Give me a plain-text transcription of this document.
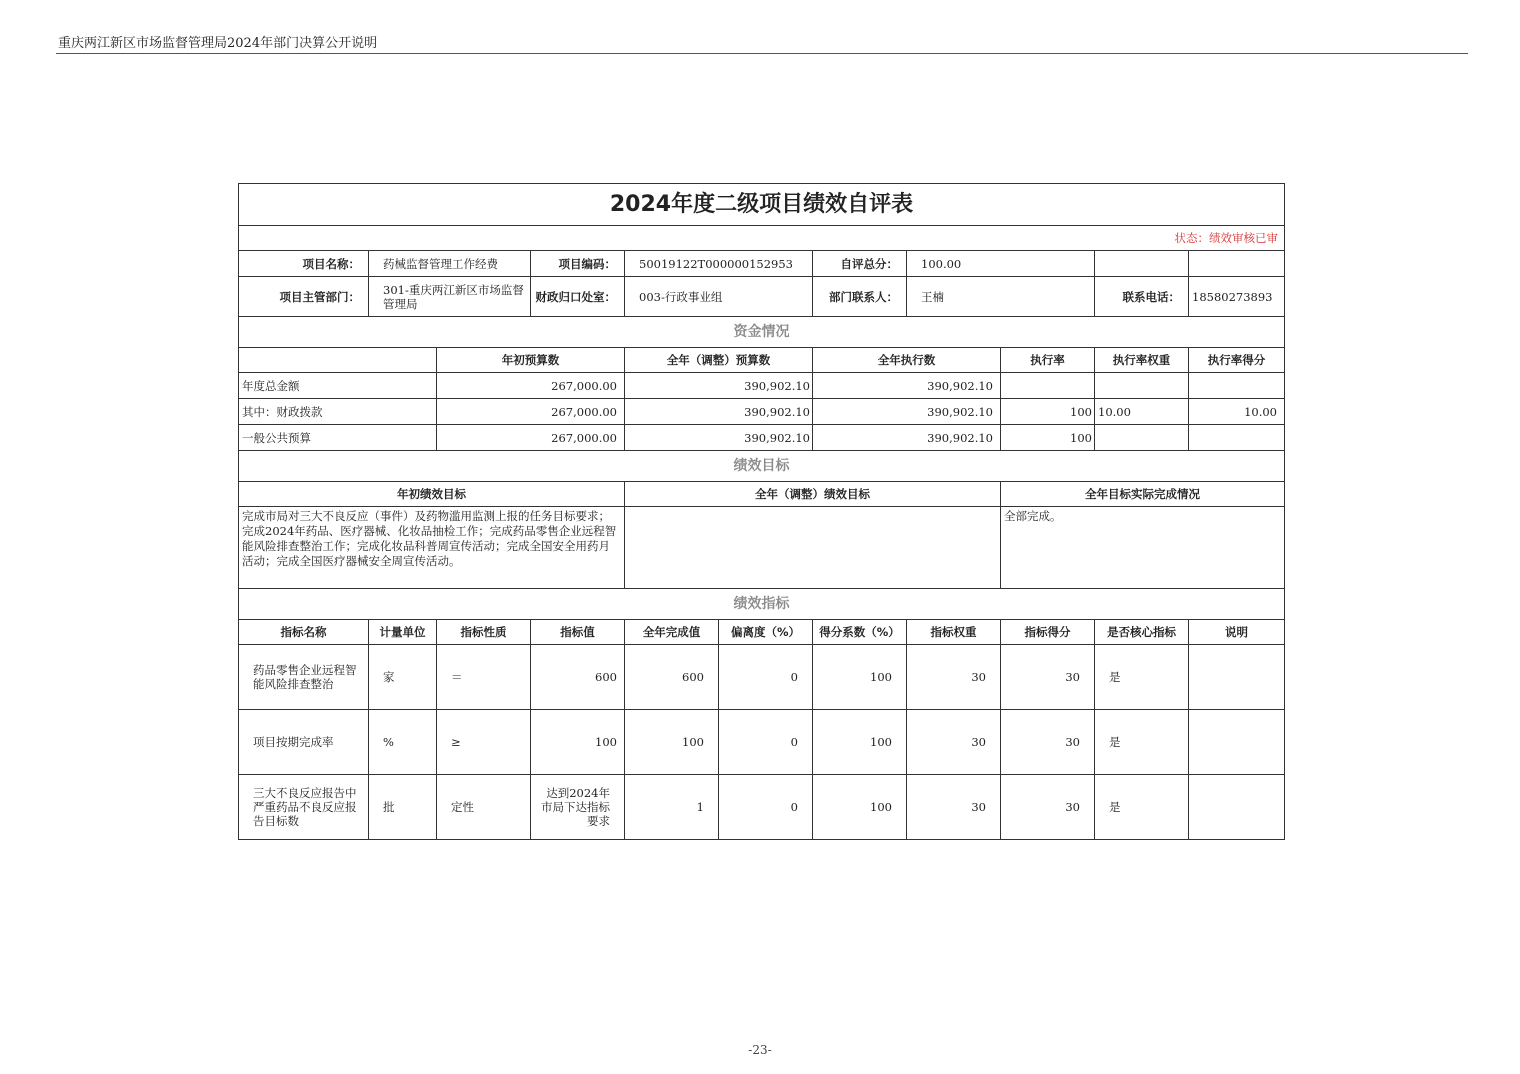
重庆两江新区市场监督管理局2024年部门决算公开说明
2024年度二级项目绩效自评表										
状态：绩效审核已审										
项目名称：	药械监督管理工作经费		项目编码：	50019122T000000152953		自评总分：	100.00			
项目主管部门：	301-重庆两江新区市场监督管理局		财政归口处室：	003-行政事业组		部门联系人：	王楠		联系电话：	18580273893
资金情况										
		年初预算数		全年（调整）预算数		全年执行数		执行率	执行率权重	执行率得分
年度总金额		267,000.00		390,902.10		390,902.10				
其中：财政拨款		267,000.00		390,902.10		390,902.10		100	10.00	10.00
一般公共预算		267,000.00		390,902.10		390,902.10		100		
绩效目标										
年初绩效目标				全年（调整）绩效目标				全年目标实际完成情况		
完成市局对三大不良反应（事件）及药物滥用监测上报的任务目标要求；完成2024年药品、医疗器械、化妆品抽检工作；完成药品零售企业远程智能风险排查整治工作；完成化妆品科普周宣传活动；完成全国安全用药月活动；完成全国医疗器械安全周宣传活动。								全部完成。		
绩效指标										
指标名称	计量单位	指标性质	指标值	全年完成值	偏离度（%）	得分系数（%）	指标权重	指标得分	是否核心指标	说明
药品零售企业远程智能风险排查整治	家	＝	600	600	0	100	30	30	是	
项目按期完成率	%	≥	100	100	0	100	30	30	是	
三大不良反应报告中严重药品不良反应报告目标数	批	定性	达到2024年市局下达指标要求	1	0	100	30	30	是	
-23-
